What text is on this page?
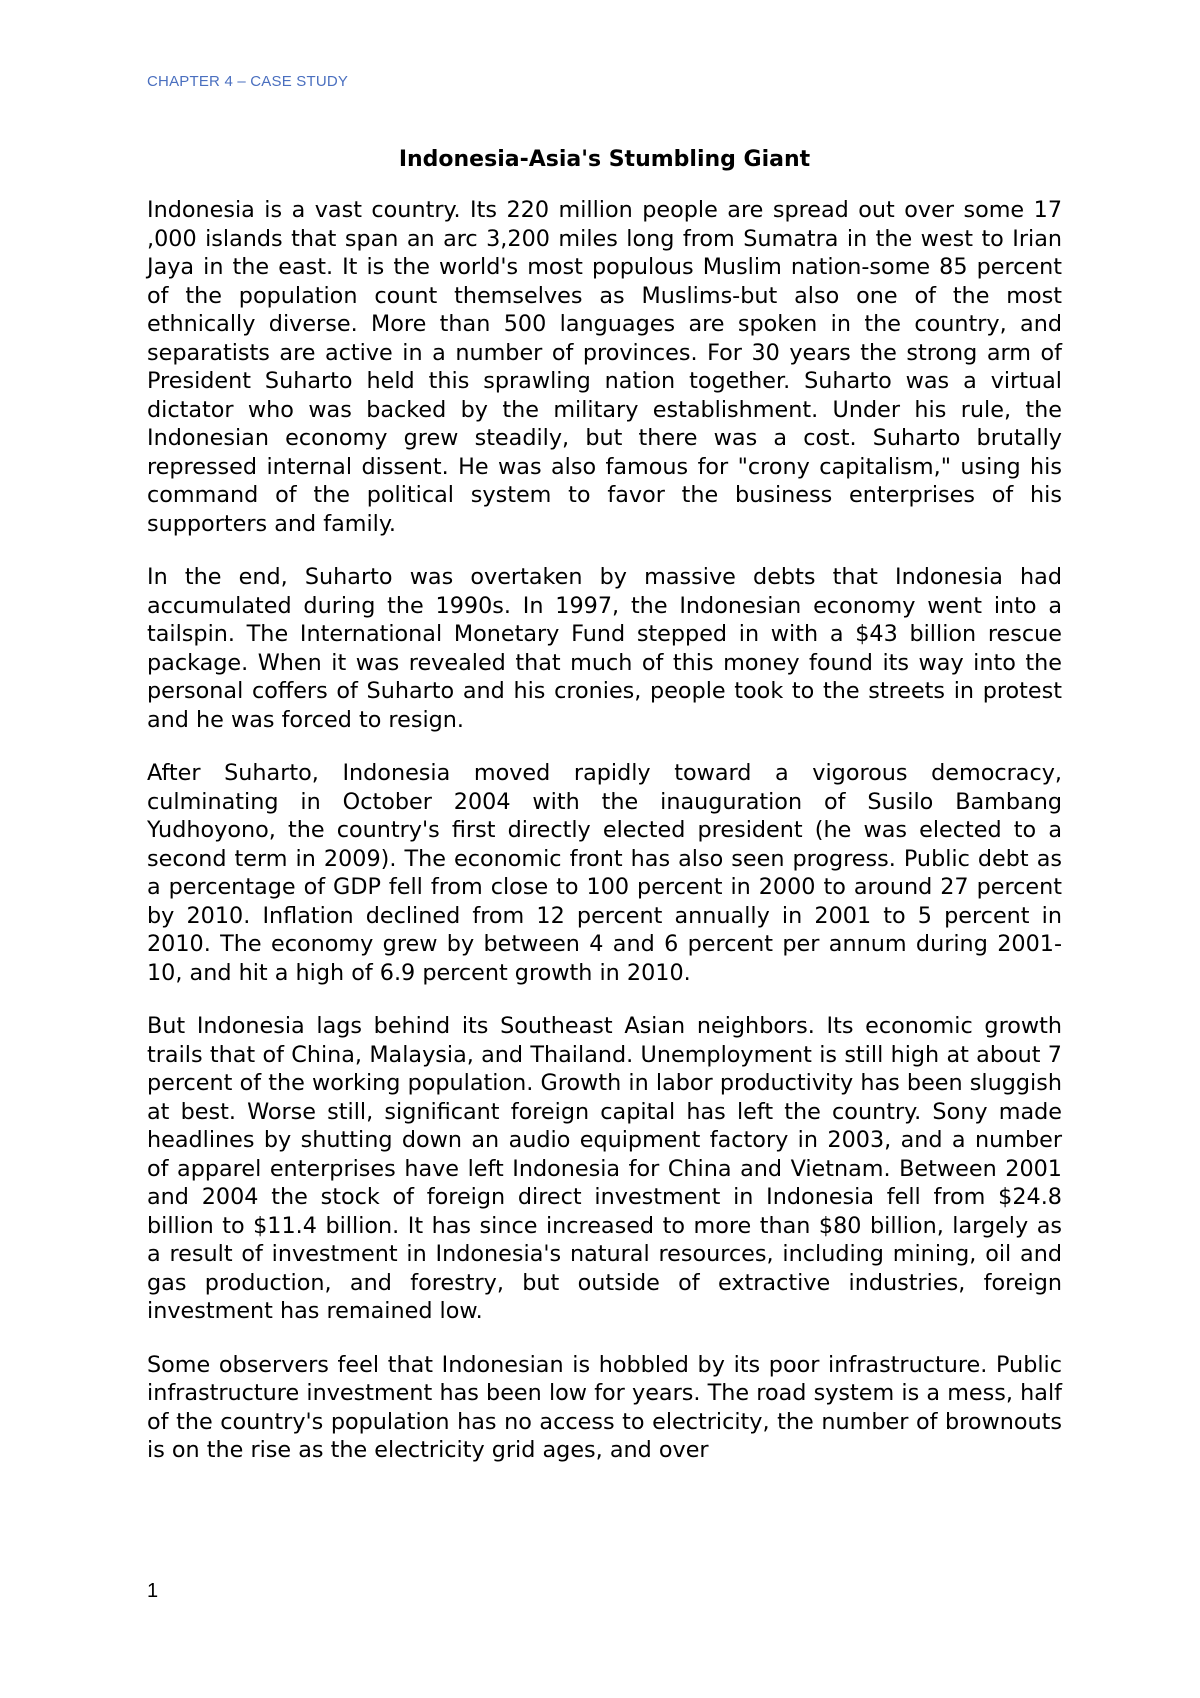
CHAPTER 4 – CASE STUDY
Indonesia-Asia's Stumbling Giant

Indonesia is a vast country. Its 220 million people are spread out over some 17 ,000 islands that span an arc 3,200 miles long from Sumatra in the west to Irian Jaya in the east. It is the world's most populous Muslim nation-some 85 percent of the population count themselves as Muslims-but also one of the most ethnically diverse. More than 500 languages are spoken in the country, and separatists are active in a number of provinces. For 30 years the strong arm of President Suharto held this sprawling nation together. Suharto was a virtual dictator who was backed by the military establishment. Under his rule, the Indonesian economy grew steadily, but there was a cost. Suharto brutally repressed internal dissent. He was also famous for "crony capitalism," using his command of the political system to favor the business enterprises of his supporters and family.

In the end, Suharto was overtaken by massive debts that Indonesia had accumulated during the 1990s. In 1997, the Indonesian economy went into a tailspin. The International Monetary Fund stepped in with a $43 billion rescue package. When it was revealed that much of this money found its way into the personal coffers of Suharto and his cronies, people took to the streets in protest and he was forced to resign.

After Suharto, Indonesia moved rapidly toward a vigorous democracy, culminating in October 2004 with the inauguration of Susilo Bambang Yudhoyono, the country's first directly elected president (he was elected to a second term in 2009). The economic front has also seen progress. Public debt as a percentage of GDP fell from close to 100 percent in 2000 to around 27 percent by 2010. Inflation declined from 12 percent annually in 2001 to 5 percent in 2010. The economy grew by between 4 and 6 percent per annum during 2001-10, and hit a high of 6.9 percent growth in 2010.

But Indonesia lags behind its Southeast Asian neighbors. Its economic growth trails that of China, Malaysia, and Thailand. Unemployment is still high at about 7 percent of the working population. Growth in labor productivity has been sluggish at best. Worse still, significant foreign capital has left the country. Sony made headlines by shutting down an audio equipment factory in 2003, and a number of apparel enterprises have left Indonesia for China and Vietnam. Between 2001 and 2004 the stock of foreign direct investment in Indonesia fell from $24.8 billion to $11.4 billion. It has since increased to more than $80 billion, largely as a result of investment in Indonesia's natural resources, including mining, oil and gas production, and forestry, but outside of extractive industries, foreign investment has remained low.

Some observers feel that Indonesian is hobbled by its poor infrastructure. Public infrastructure investment has been low for years. The road system is a mess, half of the country's population has no access to electricity, the number of brownouts is on the rise as the electricity grid ages, and over

1
